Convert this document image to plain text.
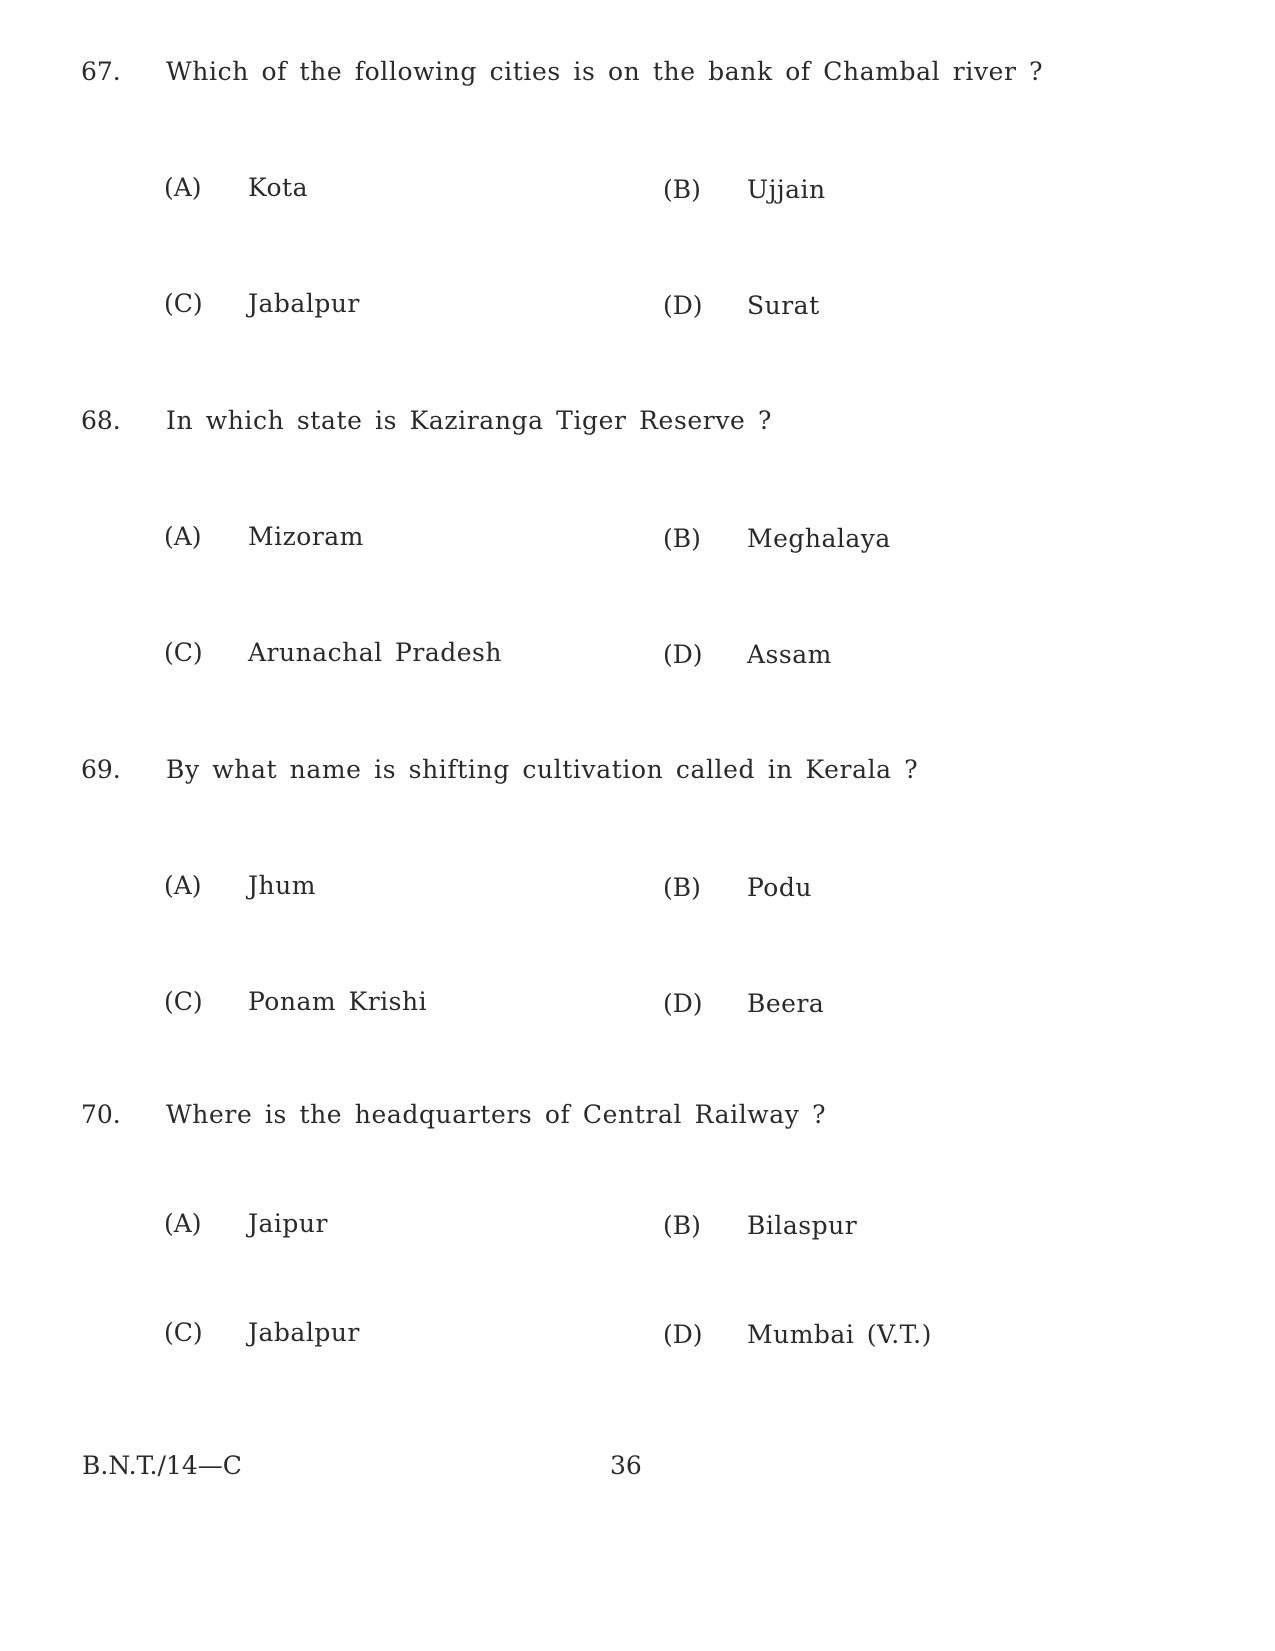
67. Which of the following cities is on the bank of Chambal river ?
(A) Kota	(B) Ujjain
(C) Jabalpur	(D) Surat
68. In which state is Kaziranga Tiger Reserve ?
(A) Mizoram	(B) Meghalaya
(C) Arunachal Pradesh	(D) Assam
69. By what name is shifting cultivation called in Kerala ?
(A) Jhum	(B) Podu
(C) Ponam Krishi	(D) Beera
70. Where is the headquarters of Central Railway ?
(A) Jaipur	(B) Bilaspur
(C) Jabalpur	(D) Mumbai (V.T.)
B.N.T./14—C	36
